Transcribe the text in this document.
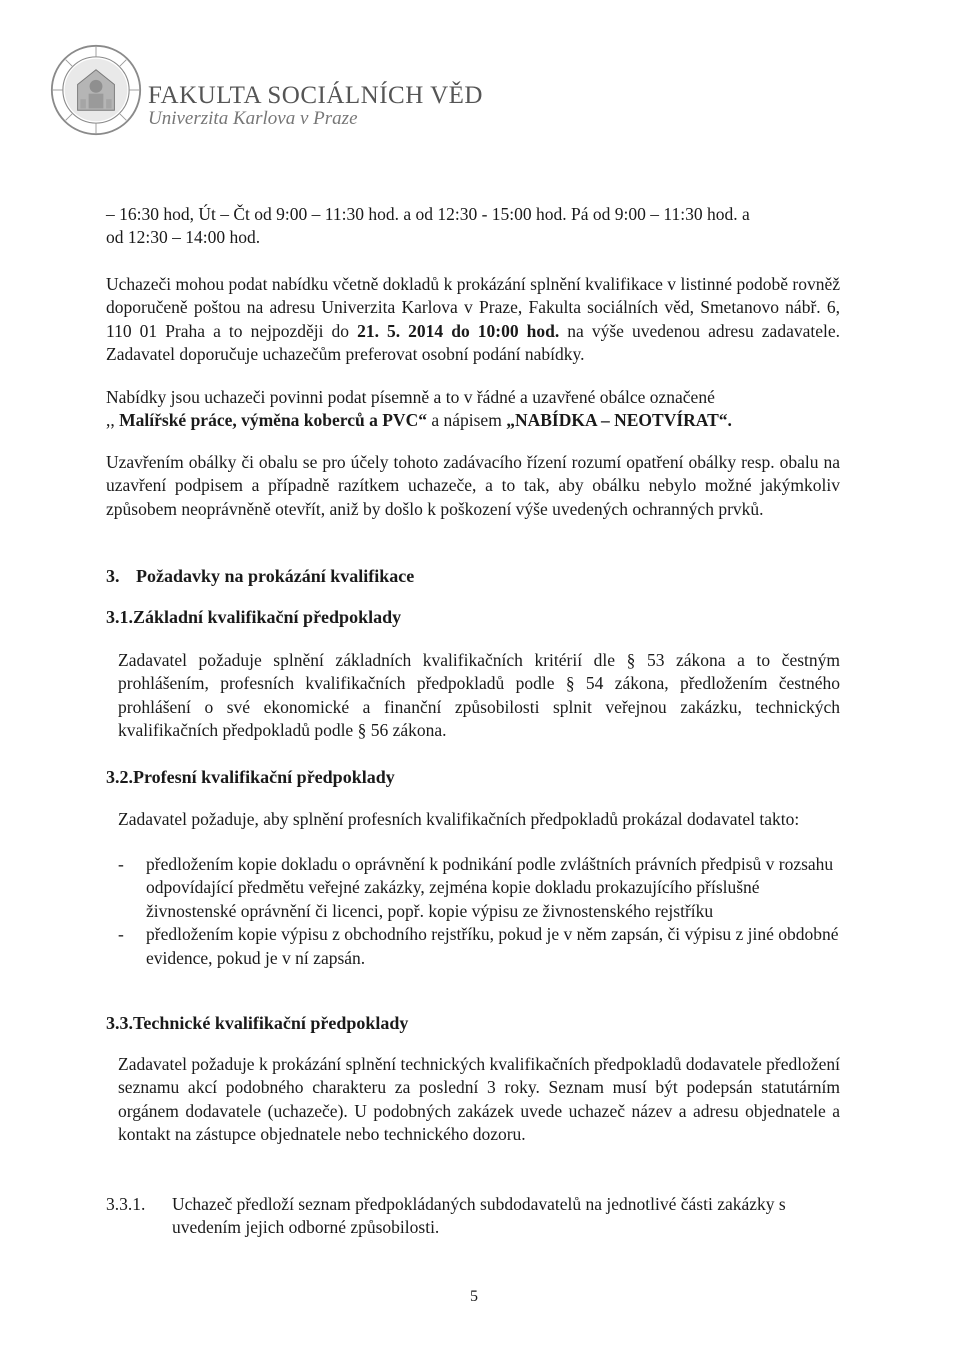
FAKULTA SOCIÁLNÍCH VĚD
Univerzita Karlova v Praze
– 16:30 hod, Út – Čt od 9:00 – 11:30 hod. a od 12:30 - 15:00 hod. Pá od 9:00 – 11:30 hod. a
od 12:30 – 14:00 hod.
Uchazeči mohou podat nabídku včetně dokladů k prokázání splnění kvalifikace v listinné podobě rovněž doporučeně poštou na adresu Univerzita Karlova v Praze, Fakulta sociálních věd, Smetanovo nábř. 6, 110 01 Praha a to nejpozději do 21. 5. 2014 do 10:00 hod. na výše uvedenou adresu zadavatele. Zadavatel doporučuje uchazečům preferovat osobní podání nabídky.
Nabídky jsou uchazeči povinni podat písemně a to v řádné a uzavřené obálce označené
,, Malířské práce, výměna koberců a PVC“ a nápisem „NABÍDKA – NEOTVÍRAT“.
Uzavřením obálky či obalu se pro účely tohoto zadávacího řízení rozumí opatření obálky resp. obalu na uzavření podpisem a případně razítkem uchazeče, a to tak, aby obálku nebylo možné jakýmkoliv způsobem neoprávněně otevřít, aniž by došlo k poškození výše uvedených ochranných prvků.
3. Požadavky na prokázání kvalifikace
3.1.Základní kvalifikační předpoklady
Zadavatel požaduje splnění základních kvalifikačních kritérií dle § 53 zákona a to čestným prohlášením, profesních kvalifikačních předpokladů podle § 54 zákona, předložením čestného prohlášení o své ekonomické a finanční způsobilosti splnit veřejnou zakázku, technických kvalifikačních předpokladů podle § 56 zákona.
3.2.Profesní kvalifikační předpoklady
Zadavatel požaduje, aby splnění profesních kvalifikačních předpokladů prokázal dodavatel takto:
- předložením kopie dokladu o oprávnění k podnikání podle zvláštních právních předpisů v rozsahu odpovídající předmětu veřejné zakázky, zejména kopie dokladu prokazujícího příslušné živnostenské oprávnění či licenci, popř. kopie výpisu ze živnostenského rejstříku
- předložením kopie výpisu z obchodního rejstříku, pokud je v něm zapsán, či výpisu z jiné obdobné evidence, pokud je v ní zapsán.
3.3.Technické kvalifikační předpoklady
Zadavatel požaduje k prokázání splnění technických kvalifikačních předpokladů dodavatele předložení seznamu akcí podobného charakteru za poslední 3 roky. Seznam musí být podepsán statutárním orgánem dodavatele (uchazeče). U podobných zakázek uvede uchazeč název a adresu objednatele a kontakt na zástupce objednatele nebo technického dozoru.
3.3.1. Uchazeč předloží seznam předpokládaných subdodavatelů na jednotlivé části zakázky s uvedením jejich odborné způsobilosti.
5
